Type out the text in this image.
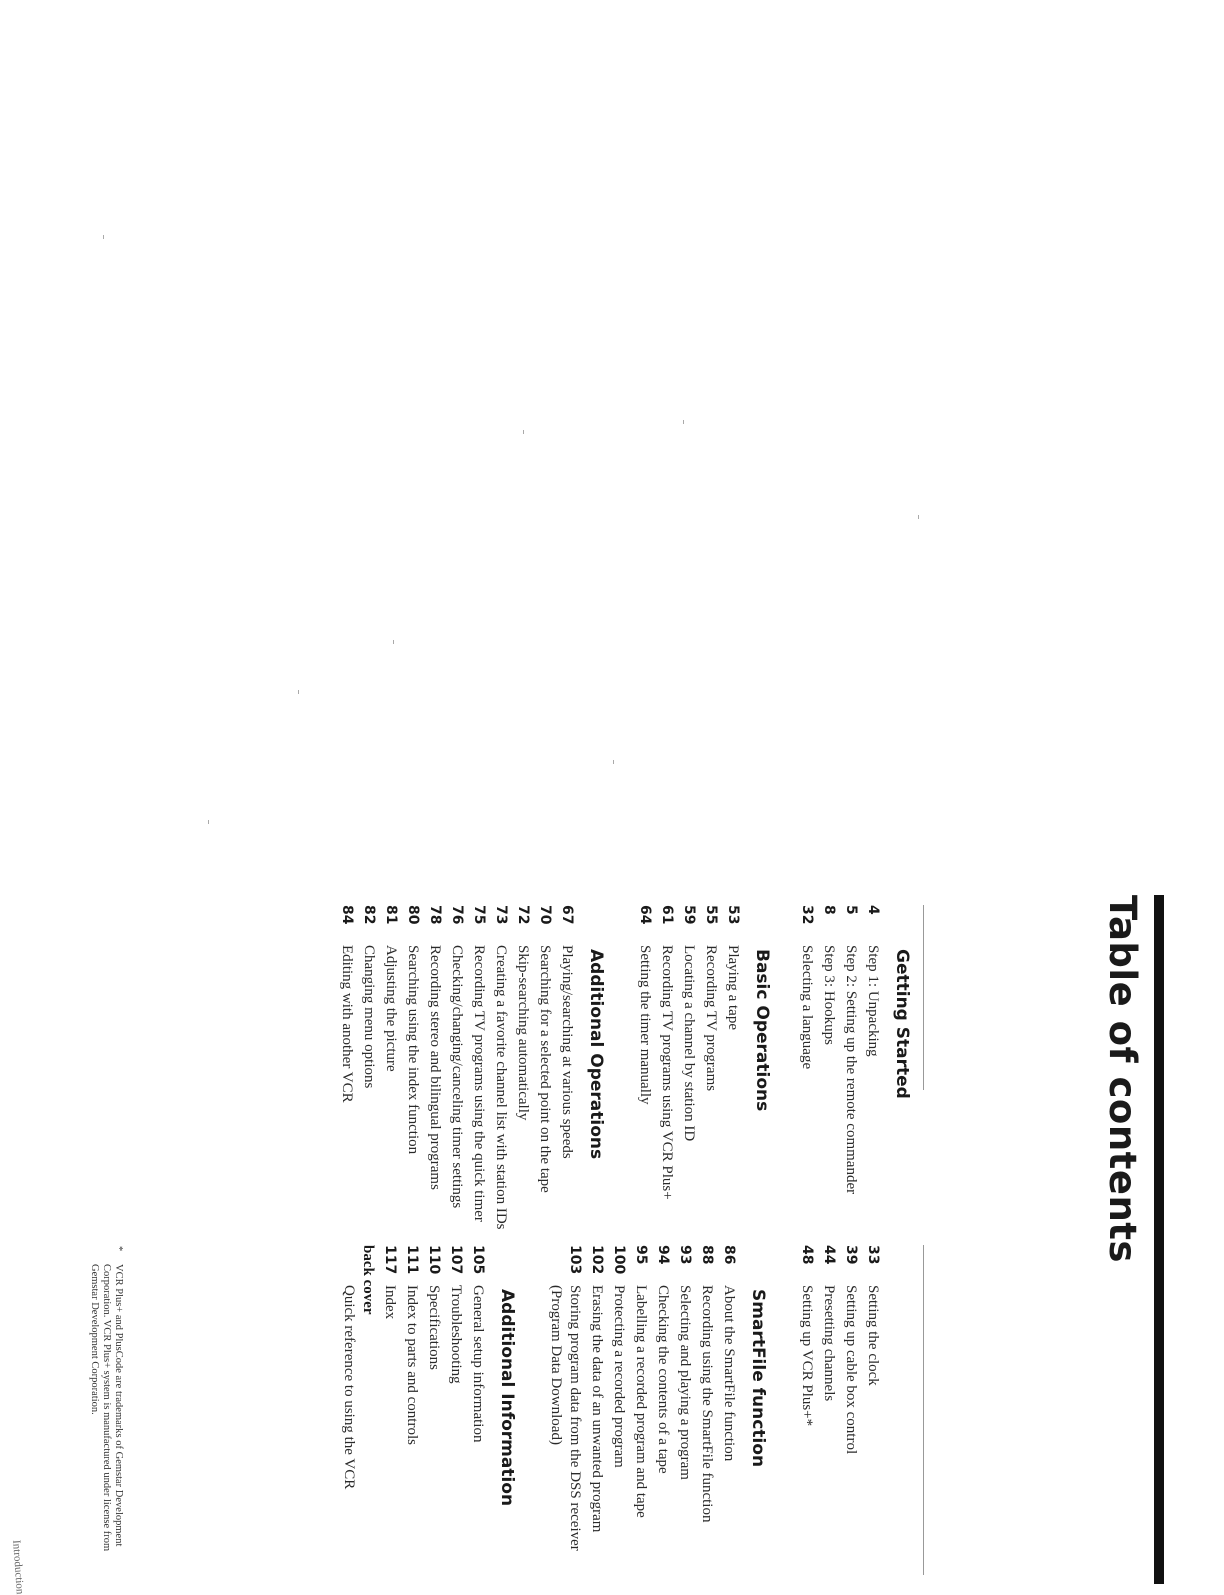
Table of contents
Getting Started
4
Step 1: Unpacking
5
Step 2: Setting up the remote commander
8
Step 3: Hookups
32
Selecting a language
Basic Operations
53
Playing a tape
55
Recording TV programs
59
Locating a channel by station ID
61
Recording TV programs using VCR Plus+
64
Setting the timer manually
Additional Operations
67
Playing/searching at various speeds
70
Searching for a selected point on the tape
72
Skip-searching automatically
73
Creating a favorite channel list with station IDs
75
Recording TV programs using the quick timer
76
Checking/changing/canceling timer settings
78
Recording stereo and bilingual programs
80
Searching using the index function
81
Adjusting the picture
82
Changing menu options
84
Editing with another VCR
33
Setting the clock
39
Setting up cable box control
44
Presetting channels
48
Setting up VCR Plus+*
SmartFile function
86
About the SmartFile function
88
Recording using the SmartFile function
93
Selecting and playing a program
94
Checking the contents of a tape
95
Labelling a recorded program and tape
100
Protecting a recorded program
102
Erasing the data of an unwanted program
103
Storing program data from the DSS receiver (Program Data Download)
Additional Information
105
General setup information
107
Troubleshooting
110
Specifications
111
Index to parts and controls
117
Index
back cover
Quick reference to using the VCR
*
VCR Plus+ and PlusCode are trademarks of Gemstar Development Corporation. VCR Plus+ system is manufactured under license from Gemstar Development Corporation.
Introduction
